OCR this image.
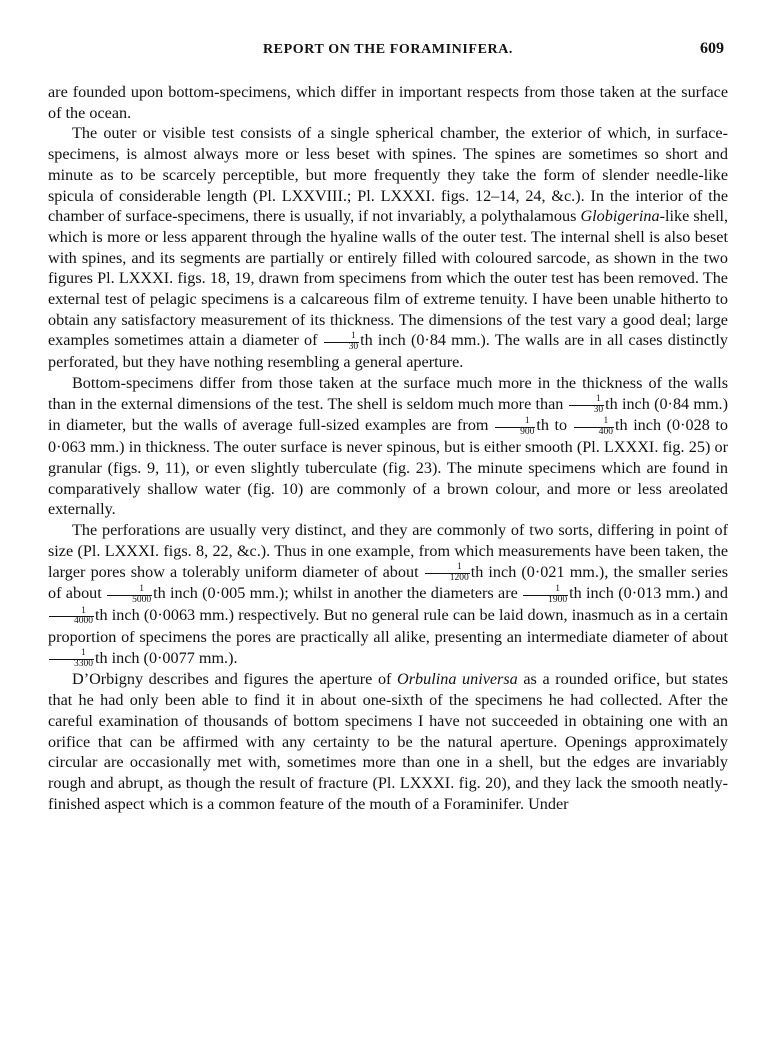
REPORT ON THE FORAMINIFERA.	609

are founded upon bottom-specimens, which differ in important respects from those taken at the surface of the ocean.

The outer or visible test consists of a single spherical chamber, the exterior of which, in surface-specimens, is almost always more or less beset with spines. The spines are sometimes so short and minute as to be scarcely perceptible, but more frequently they take the form of slender needle-like spicula of considerable length (Pl. LXXVIII.; Pl. LXXXI. figs. 12–14, 24, &c.). In the interior of the chamber of surface-specimens, there is usually, if not invariably, a polythalamous Globigerina-like shell, which is more or less apparent through the hyaline walls of the outer test. The internal shell is also beset with spines, and its segments are partially or entirely filled with coloured sarcode, as shown in the two figures Pl. LXXXI. figs. 18, 19, drawn from specimens from which the outer test has been removed. The external test of pelagic specimens is a calcareous film of extreme tenuity. I have been unable hitherto to obtain any satisfactory measurement of its thickness. The dimensions of the test vary a good deal; large examples sometimes attain a diameter of $\frac{1}{30}$ th inch (0·84 mm.). The walls are in all cases distinctly perforated, but they have nothing resembling a general aperture.

Bottom-specimens differ from those taken at the surface much more in the thickness of the walls than in the external dimensions of the test. The shell is seldom much more than $\frac{1}{30}$ th inch (0·84 mm.) in diameter, but the walls of average full-sized examples are from $\frac{1}{900}$ th to $\frac{1}{400}$ th inch (0·028 to 0·063 mm.) in thickness. The outer surface is never spinous, but is either smooth (Pl. LXXXI. fig. 25) or granular (figs. 9, 11), or even slightly tuberculate (fig. 23). The minute specimens which are found in comparatively shallow water (fig. 10) are commonly of a brown colour, and more or less areolated externally.

The perforations are usually very distinct, and they are commonly of two sorts, differing in point of size (Pl. LXXXI. figs. 8, 22, &c.). Thus in one example, from which measurements have been taken, the larger pores show a tolerably uniform diameter of about $\frac{1}{1200}$ th inch (0·021 mm.), the smaller series of about $\frac{1}{5000}$ th inch (0·005 mm.); whilst in another the diameters are $\frac{1}{1900}$ th inch (0·013 mm.) and
$\frac{1}{4000}$ th inch (0·0063 mm.) respectively. But no general rule can be laid down, inasmuch as in a certain proportion of specimens the pores are practically all alike, presenting an intermediate diameter of about
$\frac{1}{3300}$ th inch (0·0077 mm.).

D’Orbigny describes and figures the aperture of Orbulina universa as a rounded orifice, but states that he had only been able to find it in about one-sixth of the specimens he had collected. After the careful examination of thousands of bottom specimens I have not succeeded in obtaining one with an orifice that can be affirmed with any certainty to be the natural aperture. Openings approximately circular are occasionally met with, sometimes more than one in a shell, but the edges are invariably rough and abrupt, as though the result of fracture (Pl. LXXXI. fig. 20), and they lack the smooth neatly-finished aspect which is a common feature of the mouth of a Foraminifer. Under
